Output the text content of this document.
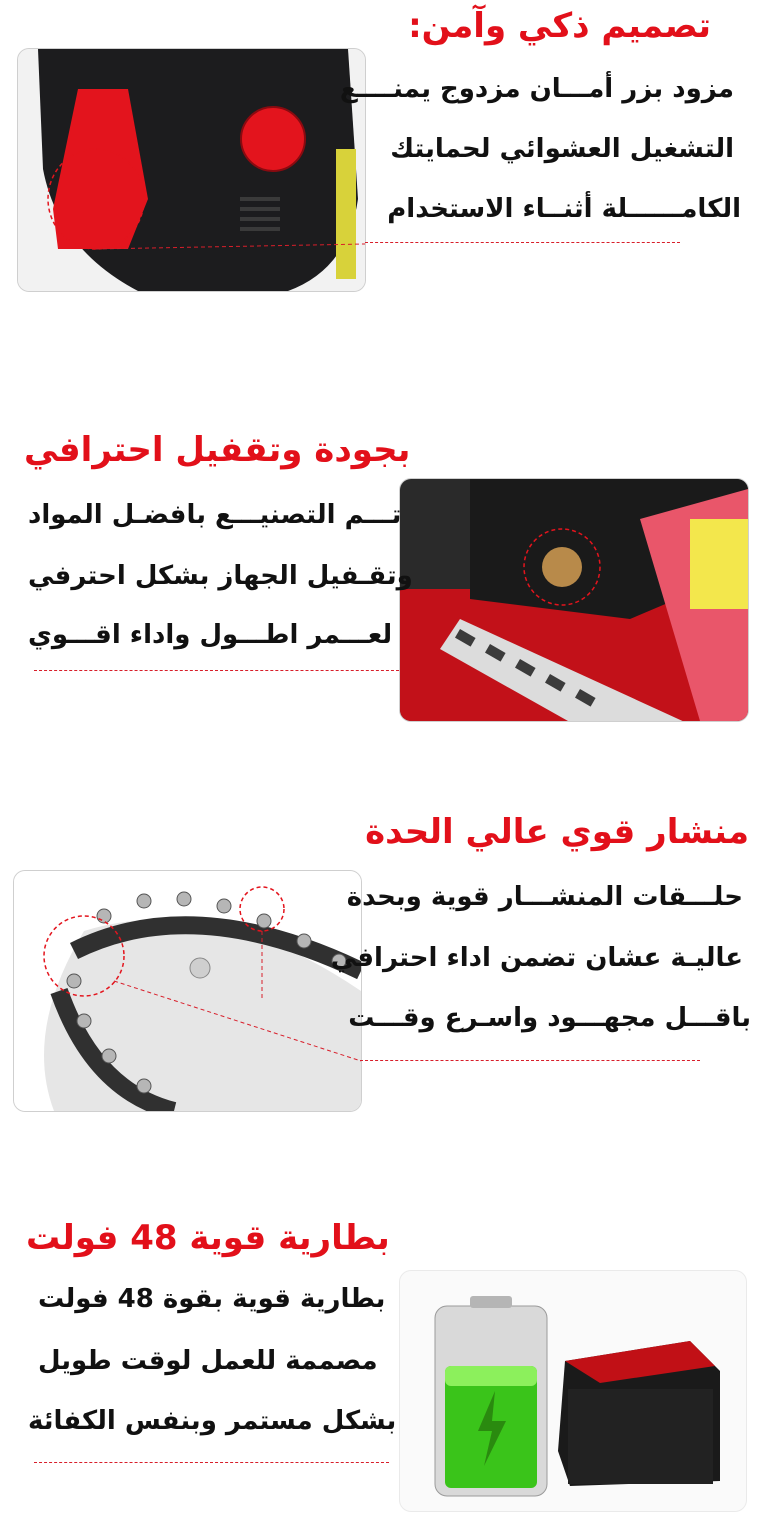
تصميم ذكي وآمن:
مزود بزر أمـــان مزدوج يمنــــع
التشغيل العشوائي لحمايتك
الكامــــــلة أثنــاء الاستخدام
بجودة وتقفيل احترافي
تـــم التصنيـــع بافضـل المواد
وتقـفيل الجهاز بشكل احترفي
لعـــمر اطـــول واداء اقـــوي
منشار قوي عالي الحدة
حلـــقات المنشـــار قوية وبحدة
عاليـة عشان تضمن اداء احترافي
باقـــل مجهـــود واسـرع وقـــت
بطارية قوية 48 فولت
بطارية قوية بقوة 48 فولت
مصممة للعمل لوقت طويل
بشكل مستمر وبنفس الكفائة
